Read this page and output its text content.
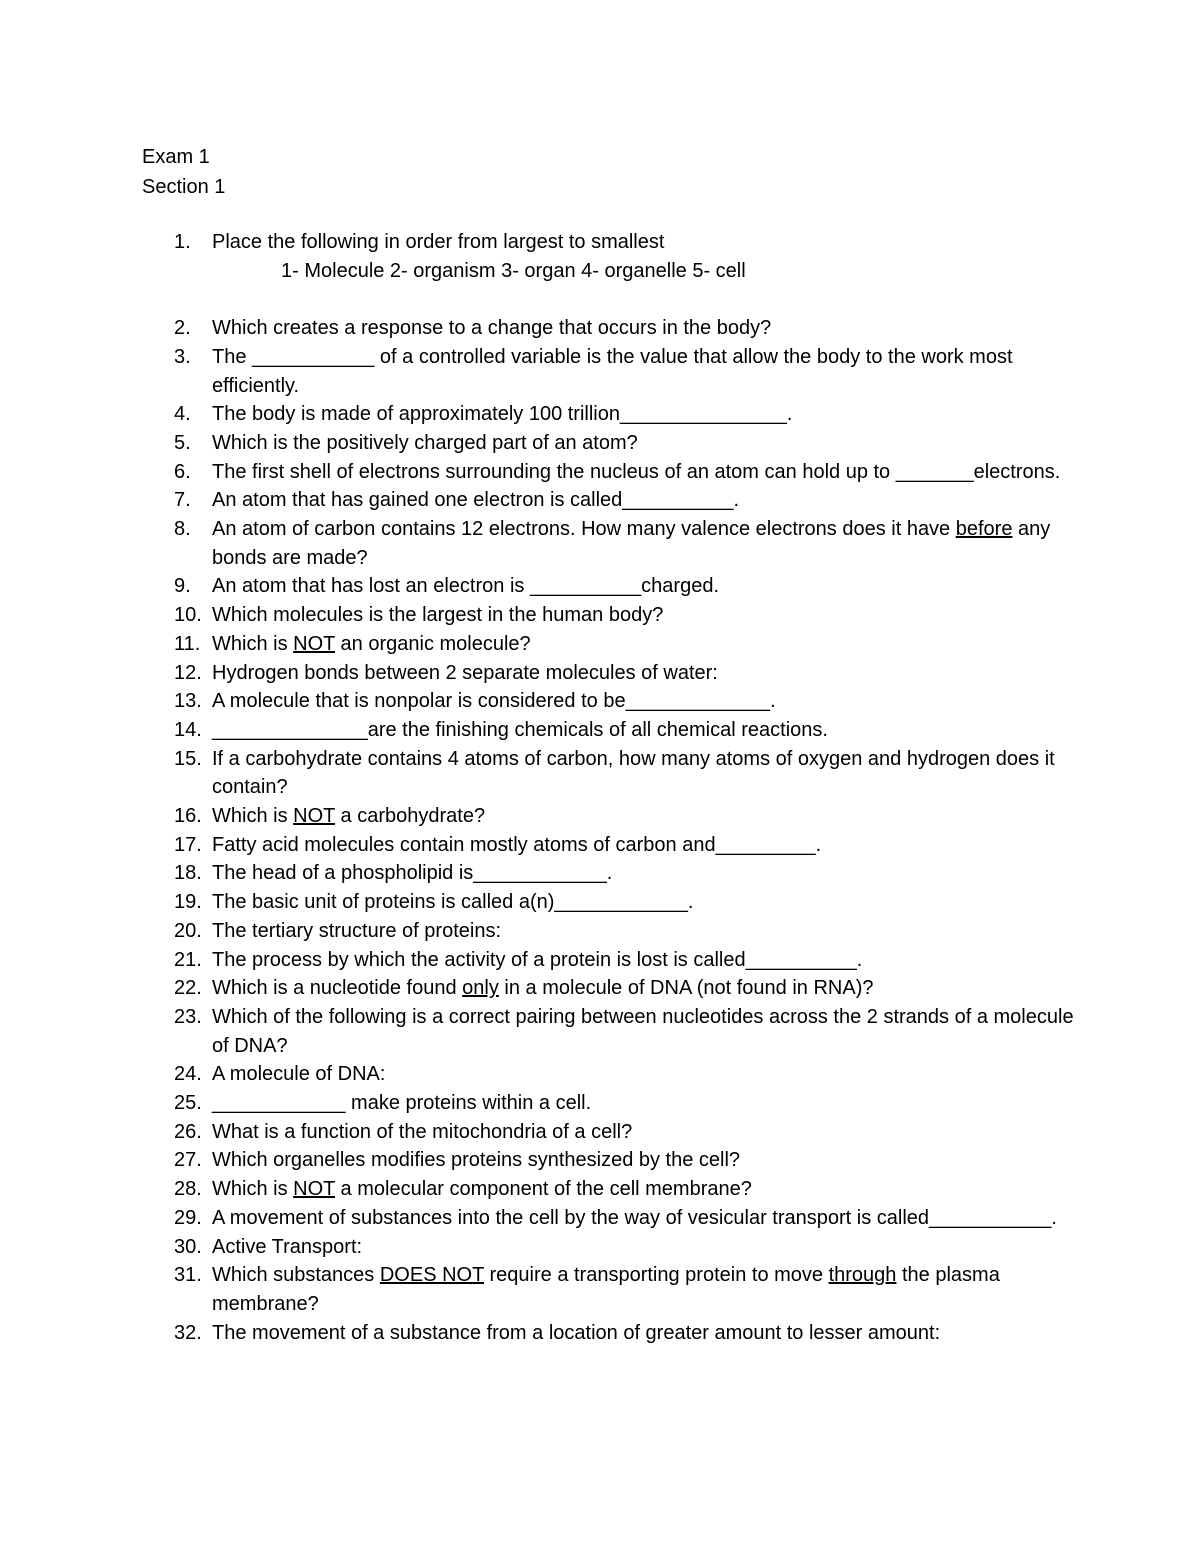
Exam 1
Section 1
1.	Place the following in order from largest to smallest
1- Molecule 2- organism 3- organ 4- organelle 5- cell
2.	Which creates a response to a change that occurs in the body?
3.	The ___________ of a controlled variable is the value that allow the body to the work most efficiently.
4.	The body is made of approximately 100 trillion_______________.
5.	Which is the positively charged part of an atom?
6.	The first shell of electrons surrounding the nucleus of an atom can hold up to _______electrons.
7.	An atom that has gained one electron is called__________.
8.	An atom of carbon contains 12 electrons. How many valence electrons does it have before any bonds are made?
9.	An atom that has lost an electron is __________charged.
10. Which molecules is the largest in the human body?
11. Which is NOT an organic molecule?
12. Hydrogen bonds between 2 separate molecules of water:
13. A molecule that is nonpolar is considered to be_____________.
14. ______________are the finishing chemicals of all chemical reactions.
15. If a carbohydrate contains 4 atoms of carbon, how many atoms of oxygen and hydrogen does it contain?
16. Which is NOT a carbohydrate?
17. Fatty acid molecules contain mostly atoms of carbon and_________.
18. The head of a phospholipid is____________.
19. The basic unit of proteins is called a(n)____________.
20. The tertiary structure of proteins:
21. The process by which the activity of a protein is lost is called__________.
22. Which is a nucleotide found only in a molecule of DNA (not found in RNA)?
23. Which of the following is a correct pairing between nucleotides across the 2 strands of a molecule of DNA?
24. A molecule of DNA:
25. ____________ make proteins within a cell.
26. What is a function of the mitochondria of a cell?
27. Which organelles modifies proteins synthesized by the cell?
28. Which is NOT a molecular component of the cell membrane?
29. A movement of substances into the cell by the way of vesicular transport is called___________.
30. Active Transport:
31. Which substances DOES NOT require a transporting protein to move through the plasma membrane?
32. The movement of a substance from a location of greater amount to lesser amount:
